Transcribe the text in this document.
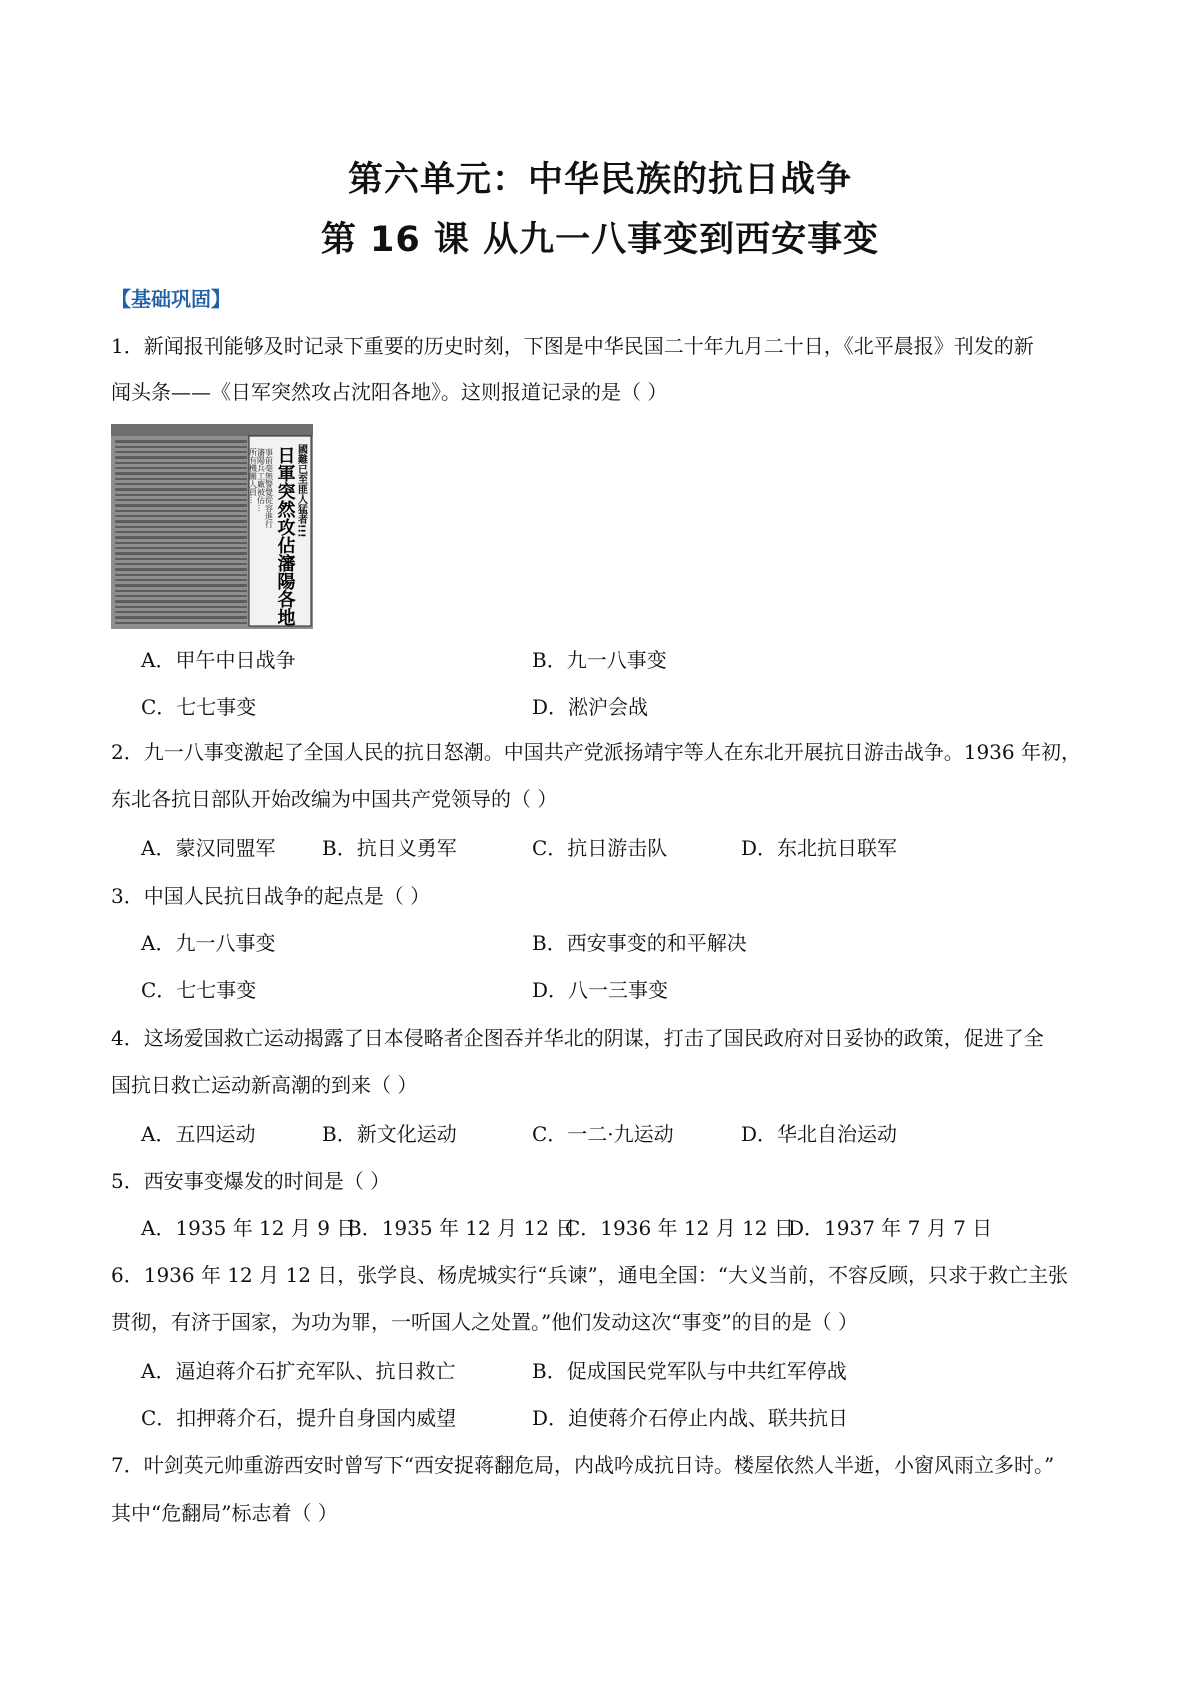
第六单元：中华民族的抗日战争
第 16 课 从九一八事变到西安事变
【基础巩固】
1．新闻报刊能够及时记录下重要的历史时刻，下图是中华民国二十年九月二十日，《北平晨报》刊发的新
闻头条——《日军突然攻占沈阳各地》。这则报道记录的是（ ）
國難已至匪人猛者!!!
日軍突然攻佔瀋陽各地
事前毫無警覺從容進行
瀋陽兵工廠被佔…
所有機關人員…
A．甲午中日战争	B．九一八事变
C．七七事变	D．淞沪会战
2．九一八事变激起了全国人民的抗日怒潮。中国共产党派扬靖宇等人在东北开展抗日游击战争。1936 年初，
东北各抗日部队开始改编为中国共产党领导的（ ）
A．蒙汉同盟军 B．抗日义勇军	C．抗日游击队	D．东北抗日联军
3．中国人民抗日战争的起点是（ ）
A．九一八事变	B．西安事变的和平解决
C．七七事变	D．八一三事变
4．这场爱国救亡运动揭露了日本侵略者企图吞并华北的阴谋，打击了国民政府对日妥协的政策，促进了全
国抗日救亡运动新高潮的到来（ ）
A．五四运动	B．新文化运动	C．一二·九运动	D．华北自治运动
5．西安事变爆发的时间是（ ）
A．1935 年 12 月 9 日
B．1935 年 12 月 12 日
C．1936 年 12 月 12 日
D．1937 年 7 月 7 日
6．1936 年 12 月 12 日，张学良、杨虎城实行“兵谏”，通电全国：“大义当前，不容反顾，只求于救亡主张
贯彻，有济于国家，为功为罪，一听国人之处置。”他们发动这次“事变”的目的是（ ）
A．逼迫蒋介石扩充军队、抗日救亡	B．促成国民党军队与中共红军停战
C．扣押蒋介石，提升自身国内威望	D．迫使蒋介石停止内战、联共抗日
7．叶剑英元帅重游西安时曾写下“西安捉蒋翻危局，内战吟成抗日诗。楼屋依然人半逝，小窗风雨立多时。”
其中“危翻局”标志着（ ）
